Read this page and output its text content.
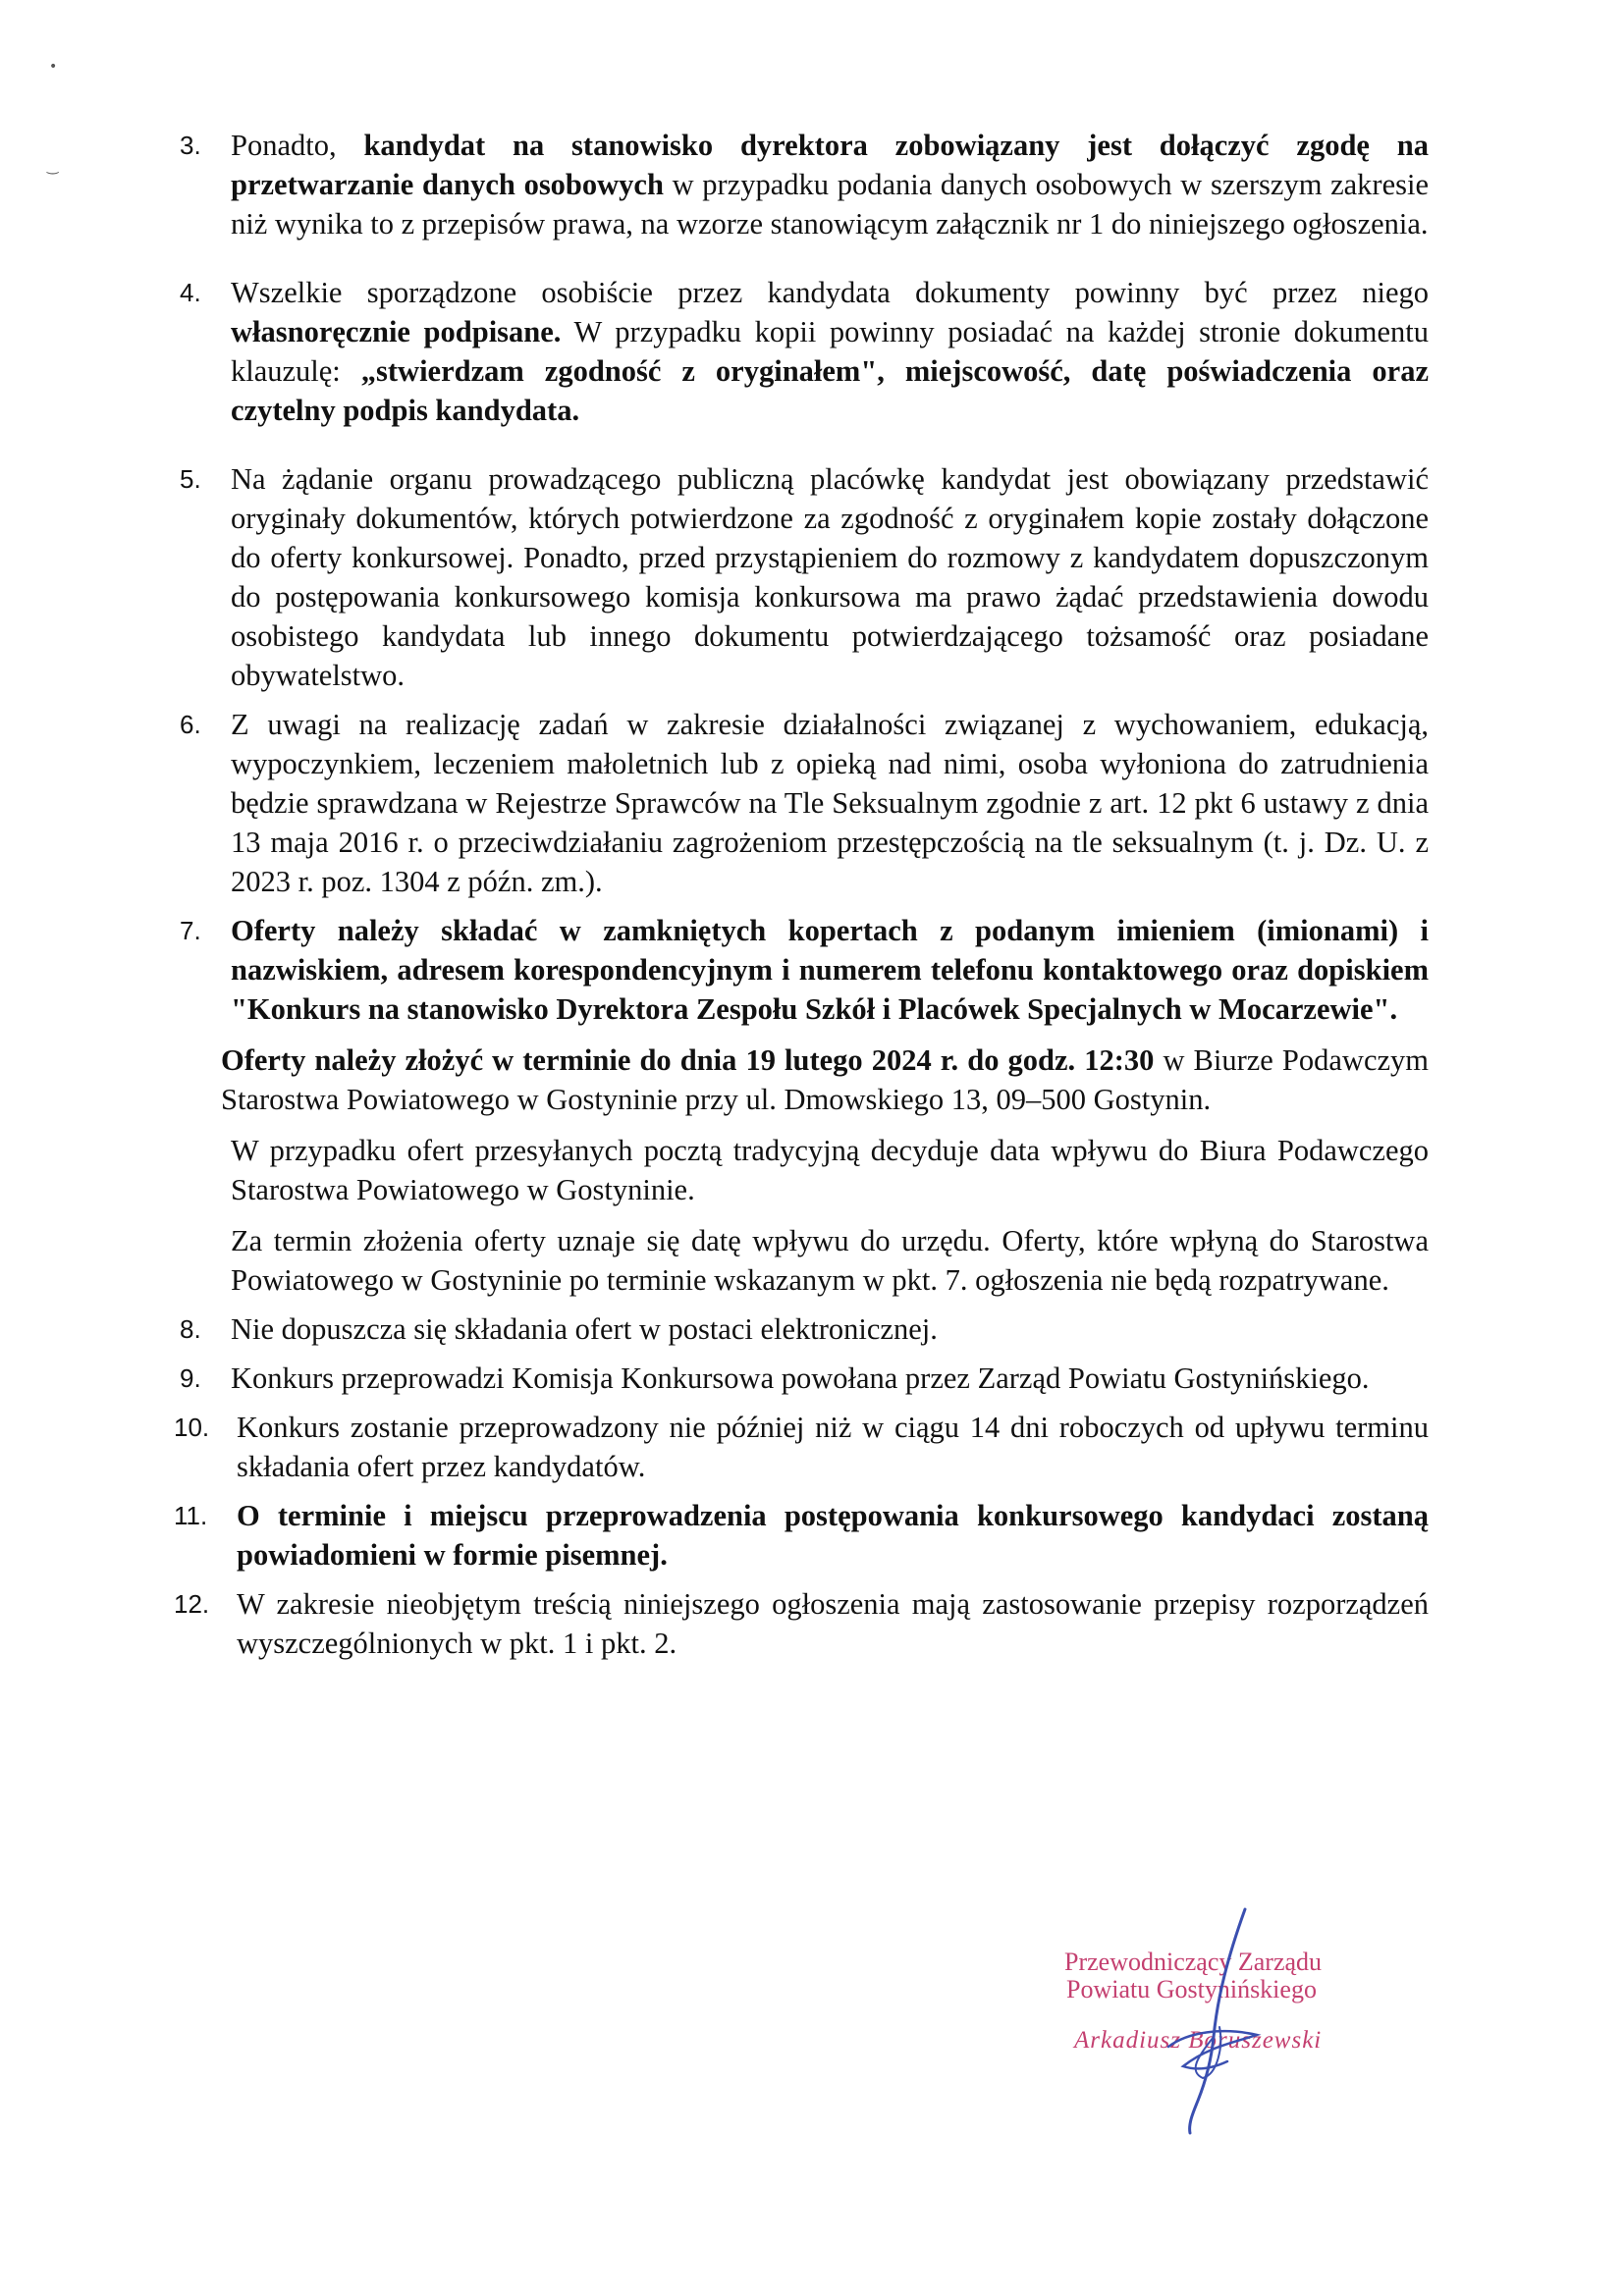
•
‿
3. Ponadto, kandydat na stanowisko dyrektora zobowiązany jest dołączyć zgodę na przetwarzanie danych osobowych w przypadku podania danych osobowych w szerszym zakresie niż wynika to z przepisów prawa, na wzorze stanowiącym załącznik nr 1 do niniejszego ogłoszenia.

4. Wszelkie sporządzone osobiście przez kandydata dokumenty powinny być przez niego własnoręcznie podpisane. W przypadku kopii powinny posiadać na każdej stronie dokumentu klauzulę: „stwierdzam zgodność z oryginałem", miejscowość, datę poświadczenia oraz czytelny podpis kandydata.

5. Na żądanie organu prowadzącego publiczną placówkę kandydat jest obowiązany przedstawić oryginały dokumentów, których potwierdzone za zgodność z oryginałem kopie zostały dołączone do oferty konkursowej. Ponadto, przed przystąpieniem do rozmowy z kandydatem dopuszczonym do postępowania konkursowego komisja konkursowa ma prawo żądać przedstawienia dowodu osobistego kandydata lub innego dokumentu potwierdzającego tożsamość oraz posiadane obywatelstwo.

6. Z uwagi na realizację zadań w zakresie działalności związanej z wychowaniem, edukacją, wypoczynkiem, leczeniem małoletnich lub z opieką nad nimi, osoba wyłoniona do zatrudnienia będzie sprawdzana w Rejestrze Sprawców na Tle Seksualnym zgodnie z art. 12 pkt 6 ustawy z dnia 13 maja 2016 r. o przeciwdziałaniu zagrożeniom przestępczością na tle seksualnym (t. j. Dz. U. z 2023 r. poz. 1304 z późn. zm.).

7. Oferty należy składać w zamkniętych kopertach z podanym imieniem (imionami) i nazwiskiem, adresem korespondencyjnym i numerem telefonu kontaktowego oraz dopiskiem "Konkurs na stanowisko Dyrektora Zespołu Szkół i Placówek Specjalnych w Mocarzewie".

Oferty należy złożyć w terminie do dnia 19 lutego 2024 r. do godz. 12:30 w Biurze Podawczym Starostwa Powiatowego w Gostyninie przy ul. Dmowskiego 13, 09–500 Gostynin.

W przypadku ofert przesyłanych pocztą tradycyjną decyduje data wpływu do Biura Podawczego Starostwa Powiatowego w Gostyninie.

Za termin złożenia oferty uznaje się datę wpływu do urzędu. Oferty, które wpłyną do Starostwa Powiatowego w Gostyninie po terminie wskazanym w pkt. 7. ogłoszenia nie będą rozpatrywane.

8. Nie dopuszcza się składania ofert w postaci elektronicznej.

9. Konkurs przeprowadzi Komisja Konkursowa powołana przez Zarząd Powiatu Gostynińskiego.

10. Konkurs zostanie przeprowadzony nie później niż w ciągu 14 dni roboczych od upływu terminu składania ofert przez kandydatów.

11. O terminie i miejscu przeprowadzenia postępowania konkursowego kandydaci zostaną powiadomieni w formie pisemnej.

12. W zakresie nieobjętym treścią niniejszego ogłoszenia mają zastosowanie przepisy rozporządzeń wyszczególnionych w pkt. 1 i pkt. 2.

Przewodniczący Zarządu
Powiatu Gostynińskiego
Arkadiusz Boruszewski
